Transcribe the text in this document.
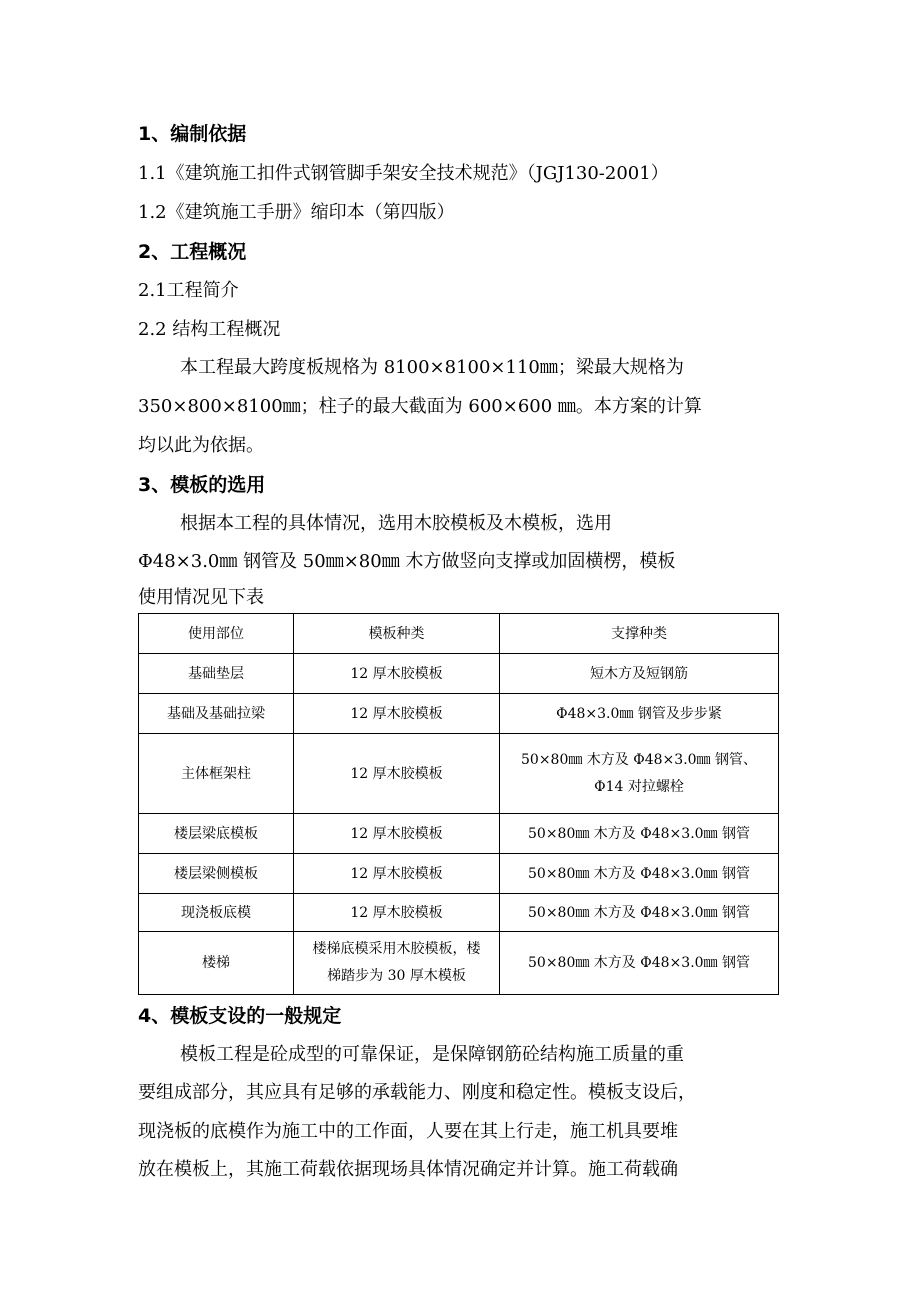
1、编制依据
1.1《建筑施工扣件式钢管脚手架安全技术规范》（JGJ130-2001）
1.2《建筑施工手册》缩印本（第四版）
2、工程概况
2.1工程简介
2.2 结构工程概况
本工程最大跨度板规格为 8100×8100×110㎜；梁最大规格为
350×800×8100㎜；柱子的最大截面为 600×600 ㎜。本方案的计算
均以此为依据。
3、模板的选用
根据本工程的具体情况，选用木胶模板及木模板，选用
Φ48×3.0㎜ 钢管及 50㎜×80㎜ 木方做竖向支撑或加固横楞，模板
使用情况见下表
使用部位	模板种类	支撑种类
基础垫层	12 厚木胶模板	短木方及短钢筋
基础及基础拉梁	12 厚木胶模板	Φ48×3.0㎜ 钢管及步步紧
主体框架柱	12 厚木胶模板	50×80㎜ 木方及 Φ48×3.0㎜ 钢管、
Φ14 对拉螺栓

楼层梁底模板	12 厚木胶模板	50×80㎜ 木方及 Φ48×3.0㎜ 钢管
楼层梁侧模板	12 厚木胶模板	50×80㎜ 木方及 Φ48×3.0㎜ 钢管
现浇板底模	12 厚木胶模板	50×80㎜ 木方及 Φ48×3.0㎜ 钢管
楼梯	楼梯底模采用木胶模板，楼
梯踏步为 30 厚木模板	50×80㎜ 木方及 Φ48×3.0㎜ 钢管
4、模板支设的一般规定
模板工程是砼成型的可靠保证，是保障钢筋砼结构施工质量的重
要组成部分，其应具有足够的承载能力、刚度和稳定性。模板支设后，
现浇板的底模作为施工中的工作面，人要在其上行走，施工机具要堆
放在模板上，其施工荷载依据现场具体情况确定并计算。施工荷载确
